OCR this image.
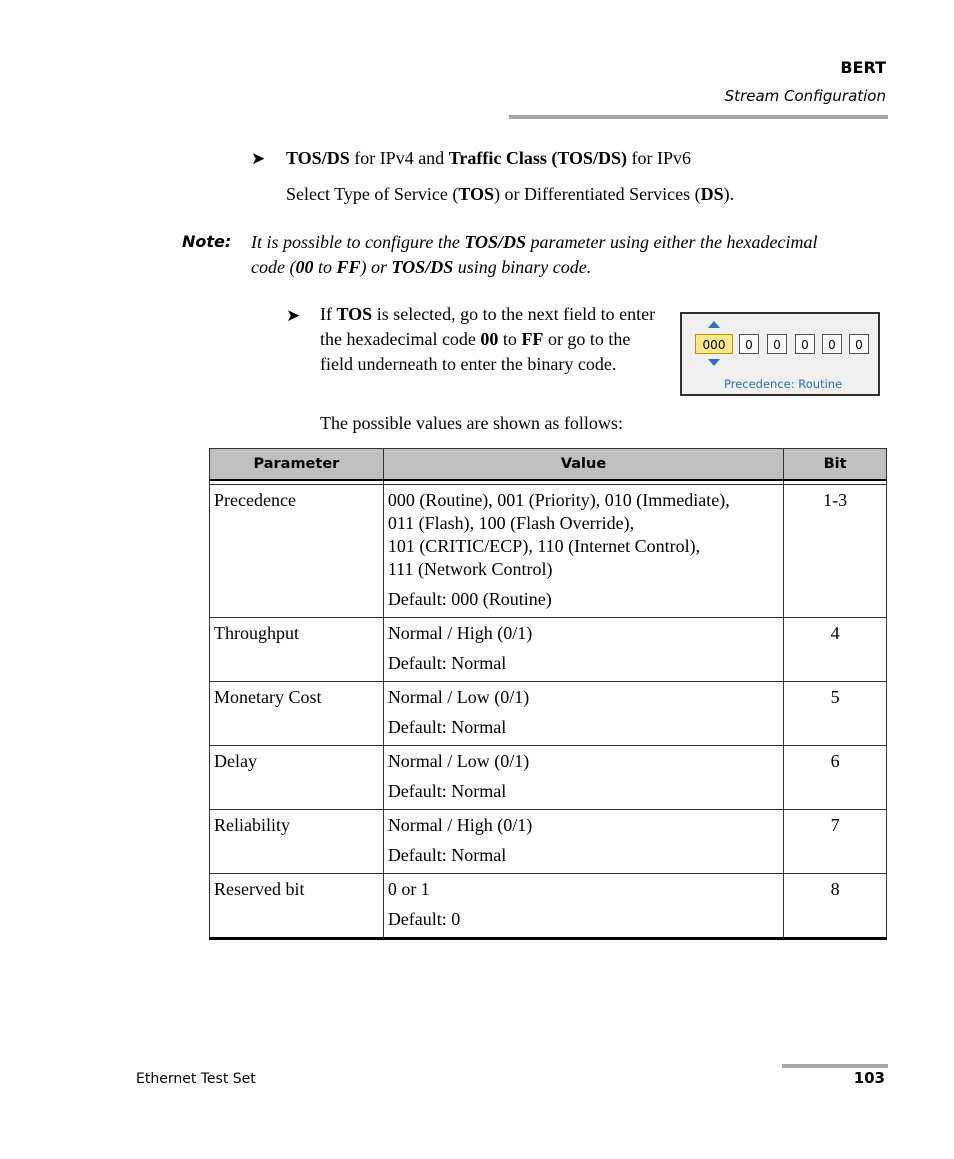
BERT
Stream Configuration
➤ TOS/DS for IPv4 and Traffic Class (TOS/DS) for IPv6
Select Type of Service (TOS) or Differentiated Services (DS).
Note: It is possible to configure the TOS/DS parameter using either the hexadecimal code (00 to FF) or TOS/DS using binary code.
➤ If TOS is selected, go to the next field to enter the hexadecimal code 00 to FF or go to the field underneath to enter the binary code.
The possible values are shown as follows:
000	0	0	0	0	0
Precedence: Routine
Parameter	Value	Bit

Precedence	000 (Routine), 001 (Priority), 010 (Immediate),
011 (Flash), 100 (Flash Override),
101 (CRITIC/ECP), 110 (Internet Control),
111 (Network Control)
Default: 000 (Routine)	1-3
Throughput	Normal / High (0/1)
Default: Normal	4
Monetary Cost	Normal / Low (0/1)
Default: Normal	5
Delay	Normal / Low (0/1)
Default: Normal	6
Reliability	Normal / High (0/1)
Default: Normal	7
Reserved bit	0 or 1
Default: 0	8
Ethernet Test Set	103
